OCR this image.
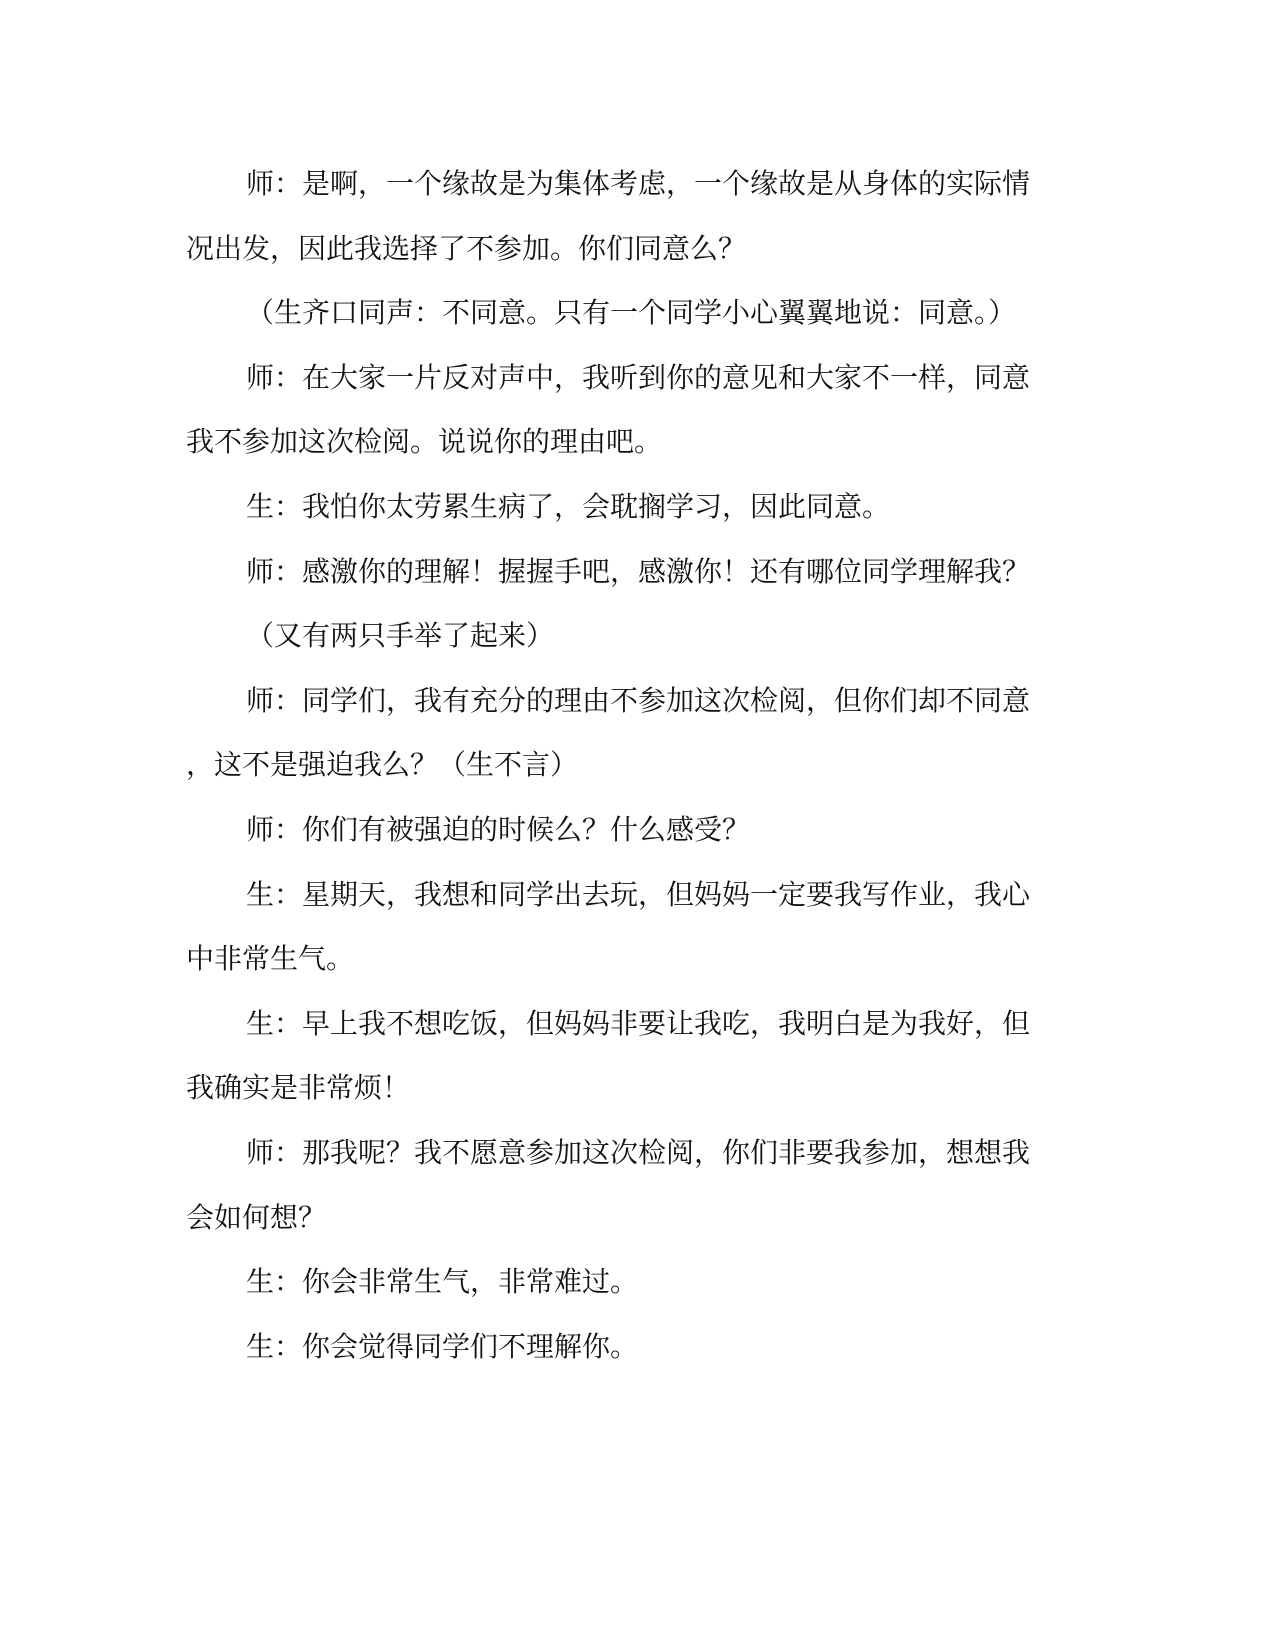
师：是啊，一个缘故是为集体考虑，一个缘故是从身体的实际情
况出发，因此我选择了不参加。你们同意么？
（生齐口同声：不同意。只有一个同学小心翼翼地说：同意。）
师：在大家一片反对声中，我听到你的意见和大家不一样，同意
我不参加这次检阅。说说你的理由吧。
生：我怕你太劳累生病了，会耽搁学习，因此同意。
师：感激你的理解！握握手吧，感激你！还有哪位同学理解我？
（又有两只手举了起来）
师：同学们，我有充分的理由不参加这次检阅，但你们却不同意
，这不是强迫我么？（生不言）
师：你们有被强迫的时候么？什么感受？
生：星期天，我想和同学出去玩，但妈妈一定要我写作业，我心
中非常生气。
生：早上我不想吃饭，但妈妈非要让我吃，我明白是为我好，但
我确实是非常烦！
师：那我呢？我不愿意参加这次检阅，你们非要我参加，想想我
会如何想？
生：你会非常生气，非常难过。
生：你会觉得同学们不理解你。
